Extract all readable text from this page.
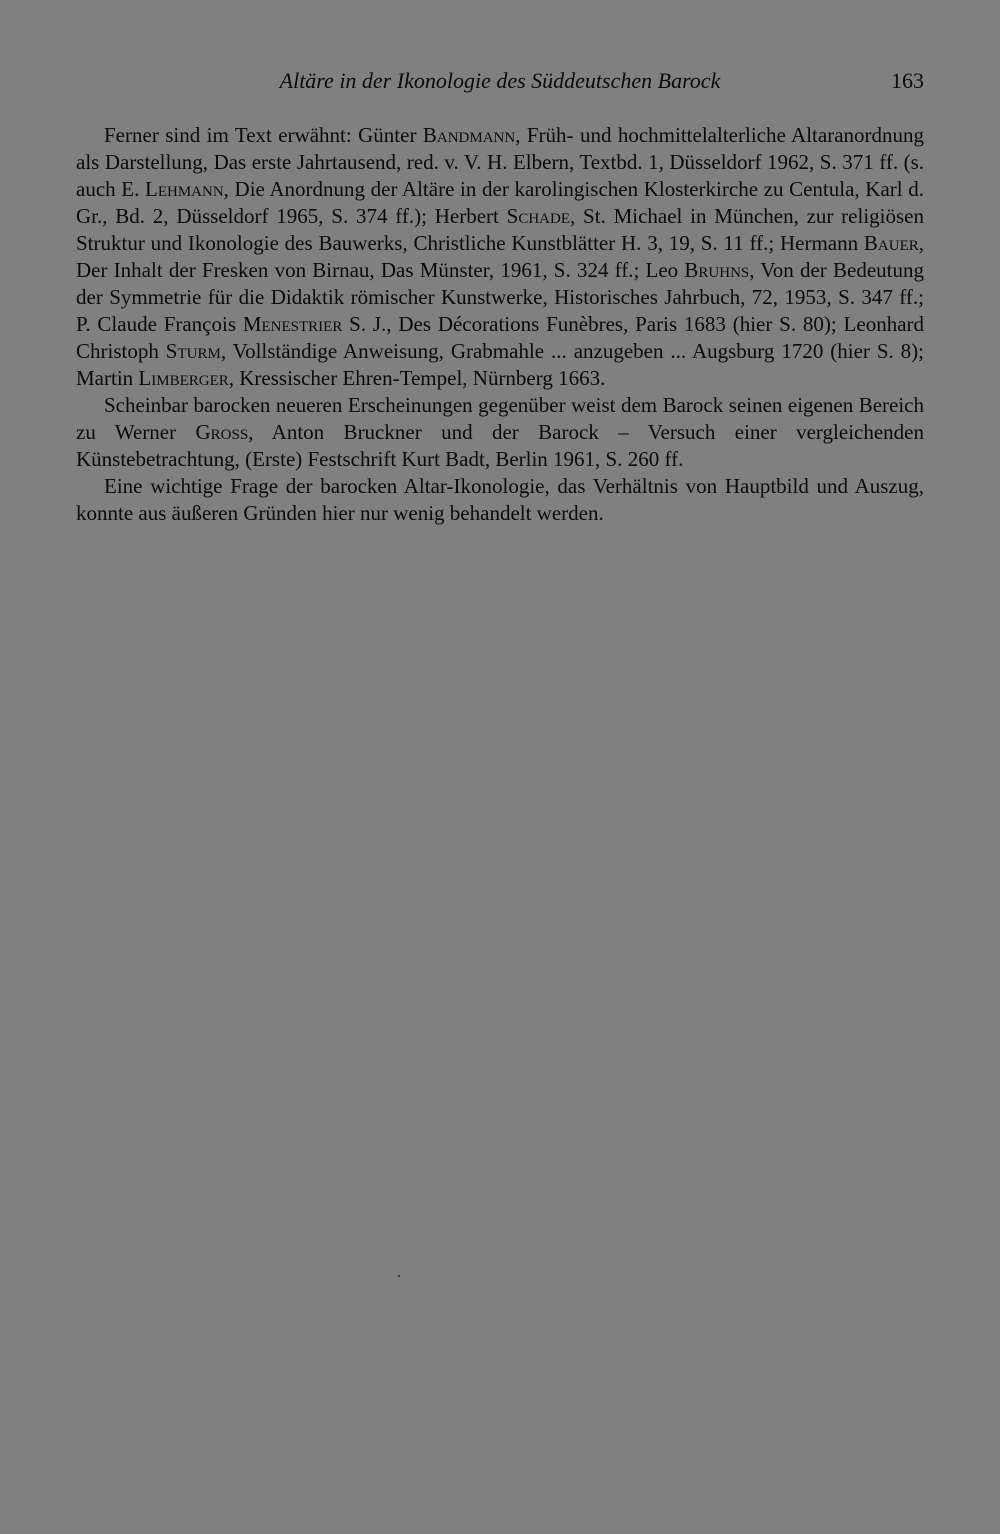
Altäre in der Ikonologie des Süddeutschen Barock	163

Ferner sind im Text erwähnt: Günter Bandmann, Früh- und hochmittelalterliche Altaranordnung als Darstellung, Das erste Jahrtausend, red. v. V. H. Elbern, Textbd. 1, Düsseldorf 1962, S. 371 ff. (s. auch E. Lehmann, Die Anordnung der Altäre in der karolingischen Klosterkirche zu Centula, Karl d. Gr., Bd. 2, Düsseldorf 1965, S. 374 ff.); Herbert Schade, St. Michael in München, zur religiösen Struktur und Ikonologie des Bauwerks, Christliche Kunstblätter H. 3, 19, S. 11 ff.; Hermann Bauer, Der Inhalt der Fresken von Birnau, Das Münster, 1961, S. 324 ff.; Leo Bruhns, Von der Bedeutung der Symmetrie für die Didaktik römischer Kunstwerke, Historisches Jahrbuch, 72, 1953, S. 347 ff.; P. Claude François Menestrier S. J., Des Décorations Funèbres, Paris 1683 (hier S. 80); Leonhard Christoph Sturm, Vollständige Anweisung, Grabmahle ... anzugeben ... Augsburg 1720 (hier S. 8); Martin Limberger, Kressischer Ehren-Tempel, Nürnberg 1663.

Scheinbar barocken neueren Erscheinungen gegenüber weist dem Barock seinen eigenen Bereich zu Werner Gross, Anton Bruckner und der Barock – Versuch einer vergleichenden Künstebetrachtung, (Erste) Festschrift Kurt Badt, Berlin 1961, S. 260 ff.

Eine wichtige Frage der barocken Altar-Ikonologie, das Verhältnis von Hauptbild und Auszug, konnte aus äußeren Gründen hier nur wenig behandelt werden.
